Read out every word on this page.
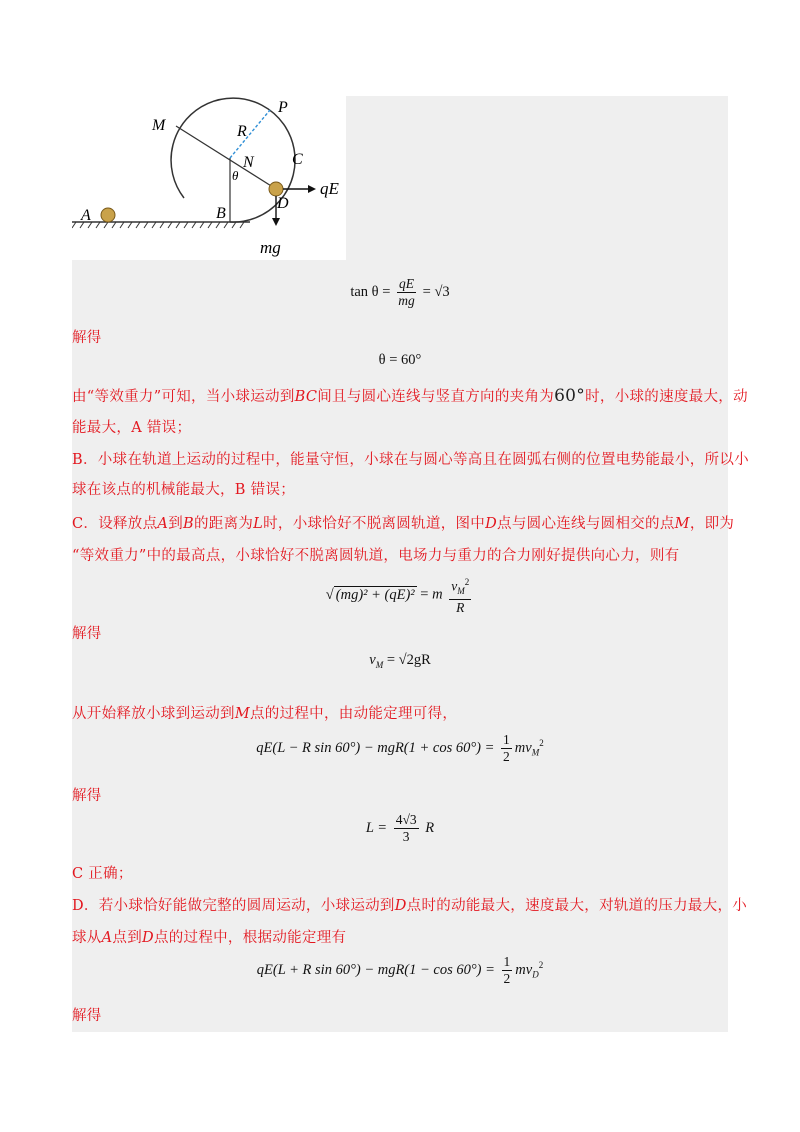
M
P
R
N C
θ
D
qE
A	B
mg
$\tan \theta = \frac{qE}{mg} = √3$
解得
θ = 60°
由“等效重力”可知，当小球运动到BC间且与圆心连线与竖直方向的夹角为60°时，小球的速度最大，动
能最大，A 错误；
B．小球在轨道上运动的过程中，能量守恒，小球在与圆心等高且在圆弧右侧的位置电势能最小，所以小
球在该点的机械能最大，B 错误；
C．设释放点A到B的距离为L时，小球恰好不脱离圆轨道，图中D点与圆心连线与圆相交的点M，即为
“等效重力”中的最高点，小球恰好不脱离圆轨道，电场力与重力的合力刚好提供向心力，则有
√ (mg)² + (qE)² = m $\frac{v_M^2}{R}$
解得
$v_M = √2gR$
从开始释放小球到运动到M点的过程中，由动能定理可得，
qE(L − R $\sin 60^\circ) - mgR(1 + \cos 60^\circ) = \frac{1}{2} mv_M^2$
解得
$L = \frac{4√3}{3}$ R
C 正确；
D．若小球恰好能做完整的圆周运动，小球运动到D点时的动能最大，速度最大，对轨道的压力最大，小
球从A点到D点的过程中，根据动能定理有
qE(L + R $\sin 60^\circ) - mgR(1 - \cos 60^\circ) = \frac{1}{2} mv_D^2$
解得
